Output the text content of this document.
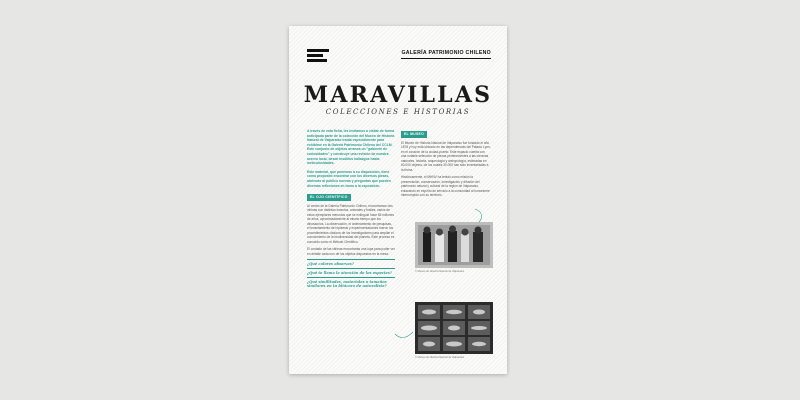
GALERÍA PATRIMONIO CHILENO
MARAVILLAS
COLECCIONES E HISTORIAS

A través de esta ficha, les invitamos a visitar de forma anticipada parte de la colección del Museo de Historia Natural de Valparaíso traída especialmente para exhibirse en la Galería Patrimonio Chileno del CCLM. Este conjunto de objetos arranca un "gabinete de curiosidades" y construye una revisión de nuestra acervo local, desde insólitos hallazgos hasta meticulosidades.

Este material, que ponemos a su disposición, tiene como propósito encontrar con los diversos piezas, abriendo al público nuevas y preguntas que pueden diversas reflexiones en torno a la exposición.

EL OJO CIENTÍFICO

Al centro de la Galería Patrimonio Chileno, encontramos dos vitrinas con distintos insectos, animales y fósiles; varios de estos ejemplares menudos que se extinguió hace 65 millones de años, aproximadamente al mismo tiempo que los dinosaurios. La observación, el ordenamiento de pesquisas, el levantamiento de hipótesis y experimentaciones fueron los procedimientos clásicos de los investigadores para ampliar el conocimiento de la biodiversidad del planeta. Este proceso es conocido como el Método Científico.

El contado de las vitrinas encontrarás una lupa para poder ver en detalle cada uno de los objetos dispuestos en la mesa.

¿Qué colores observas?

¿Qué te llama la atención de los especies?

¿Qué similitudes, materiales o tamaños similares en tu bitácora de naturalista?

EL MUSEO

El Museo de Historia Natural de Valparaíso fue fundado el año 1878 y hoy está ubicado en las dependencias del Palacio Lyon, en el corazón de la ciudad-puerto. Este espacio cuenta con una notable selección de piezas pertenecientes a las ciencias naturales, historia, arqueología y antropología, estimadas en 60.000 objetos, de los cuales 30.000 han sido inventariadas a la fecha.

Históricamente, el MHNV ha tenido como misión la preservación, conservación, investigación y difusión del patrimonio natural y cultural de la región de Valparaíso, enlazando en espíritu de servicio a la comunidad al honorarme interrumpido con su territorio.

© Museo de Historia Natural de Valparaíso
© Museo de Historia Natural de Valparaíso
